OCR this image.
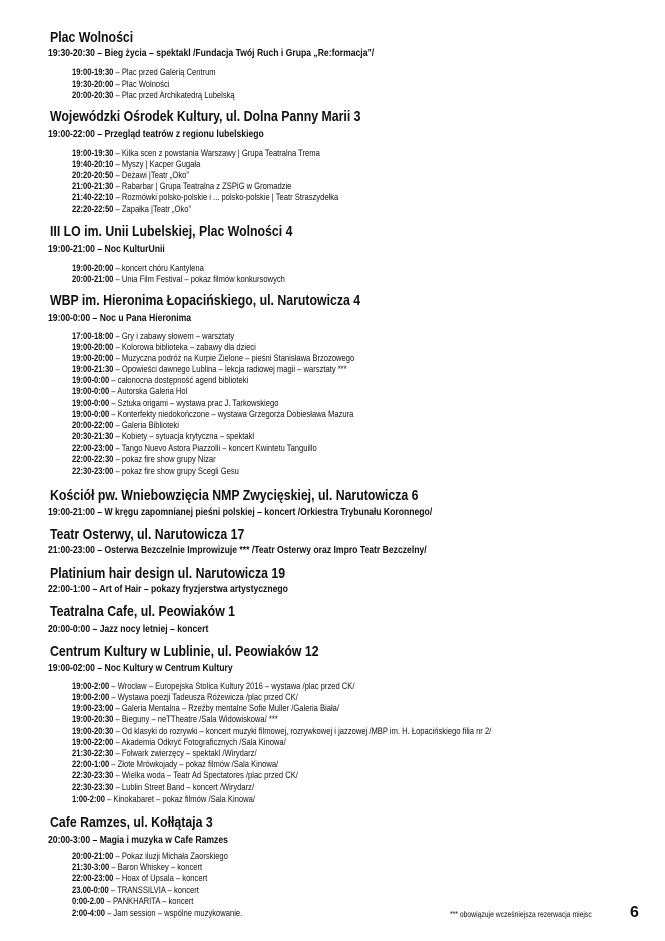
Plac Wolności
19:30-20:30 – Bieg życia – spektakl /Fundacja Twój Ruch i Grupa „Re:formacja”/
19:00-19:30 – Plac przed Galerią Centrum
19:30-20:00 – Plac Wolności
20:00-20:30 – Plac przed Archikatedrą Lubelską
Wojewódzki Ośrodek Kultury, ul. Dolna Panny Marii 3
19:00-22:00 – Przegląd teatrów z regionu lubelskiego
19:00-19:30 – Kilka scen z powstania Warszawy | Grupa Teatralna Trema
19:40-20:10 – Myszy | Kacper Gugała
20:20-20:50 – Deżawi |Teatr „Oko”
21:00-21:30 – Rabarbar | Grupa Teatralna z ZSPiG w Gromadzie
21:40-22:10 – Rozmówki polsko-polskie i ... polsko-polskie | Teatr Straszydełka
22:20-22:50 – Zapałka |Teatr „Oko”
III LO im. Unii Lubelskiej, Plac Wolności 4
19:00-21:00 – Noc KulturUnii
19:00-20:00 – koncert chóru Kantylena
20:00-21:00 – Unia Film Festival – pokaz filmów konkursowych
WBP im. Hieronima Łopacińskiego, ul. Narutowicza 4
19:00-0:00 – Noc u Pana Hieronima
17:00-18:00 – Gry i zabawy słowem – warsztaty
19:00-20:00 – Kolorowa biblioteka – zabawy dla dzieci
19:00-20:00 – Muzyczna podróż na Kurpie Zielone – pieśni Stanisława Brzozowego
19:00-21:30 – Opowieści dawnego Lublina – lekcja radiowej magii – warsztaty ***
19:00-0:00 – całonocna dostępność agend biblioteki
19:00-0:00 – Autorska Galeria Hol
19:00-0:00 – Sztuka origami – wystawa prac J. Tarkowskiego
19:00-0:00 – Konterfekty niedokończone – wystawa Grzegorza Dobiesława Mazura
20:00-22:00 – Galeria Biblioteki
20:30-21:30 – Kobiety – sytuacja krytyczna – spektakl
22:00-23:00 – Tango Nuevo Astora Piazzolli – koncert Kwintetu Tanguillo
22:00-22:30 – pokaz fire show grupy Nizar
22:30-23:00 – pokaz fire show grupy Scegli Gesu
Kościół pw. Wniebowzięcia NMP Zwycięskiej, ul. Narutowicza 6
19:00-21:00 – W kręgu zapomnianej pieśni polskiej – koncert /Orkiestra Trybunału Koronnego/
Teatr Osterwy, ul. Narutowicza 17
21:00-23:00 – Osterwa Bezczelnie Improwizuje *** /Teatr Osterwy oraz Impro Teatr Bezczelny/
Platinium hair design ul. Narutowicza 19
22:00-1:00 – Art of Hair – pokazy fryzjerstwa artystycznego
Teatralna Cafe, ul. Peowiaków 1
20:00-0:00 – Jazz nocy letniej – koncert
Centrum Kultury w Lublinie, ul. Peowiaków 12
19:00-02:00 – Noc Kultury w Centrum Kultury
19:00-2:00 – Wrocław – Europejska Stolica Kultury 2016 – wystawa /plac przed CK/
19:00-2:00 – Wystawa poezji Tadeusza Różewicza /plac przed CK/
19:00-23:00 – Galeria Mentalna – Rzeźby mentalne Sofie Muller /Galeria Biała/
19:00-20:30 – Bieguny – neTTheatre /Sala Widowiskowa/ ***
19:00-20:30 – Od klasyki do rozrywki – koncert muzyki filmowej, rozrywkowej i jazzowej /MBP im. H. Łopacińskiego filia nr 2/
19:00-22:00 – Akademia Odkryć Fotograficznych /Sala Kinowa/
21:30-22:30 – Folwark zwierzęcy – spektakl /Wirydarz/
22:00-1:00 – Złote Mrówkojady – pokaz filmów /Sala Kinowa/
22:30-23:30 – Wielka woda – Teatr Ad Spectatores /plac przed CK/
22:30-23:30 – Lublin Street Band – koncert /Wirydarz/
1:00-2:00 – Kinokabaret – pokaz filmów /Sala Kinowa/
Cafe Ramzes, ul. Kołłątaja 3
20:00-3:00 – Magia i muzyka w Cafe Ramzes
20:00-21:00 – Pokaz iluzji Michała Zaorskiego
21:30-3:00 – Baron Whiskey – koncert
22:00-23:00 – Hoax of Upsala – koncert
23.00-0:00 – TRANSSILVIA – koncert
0:00-2.00 – PANKHARITA – koncert
2:00-4:00 – Jam session – wspólne muzykowanie.	*** obowiązuje wcześniejsza rezerwacja miejsc 6
